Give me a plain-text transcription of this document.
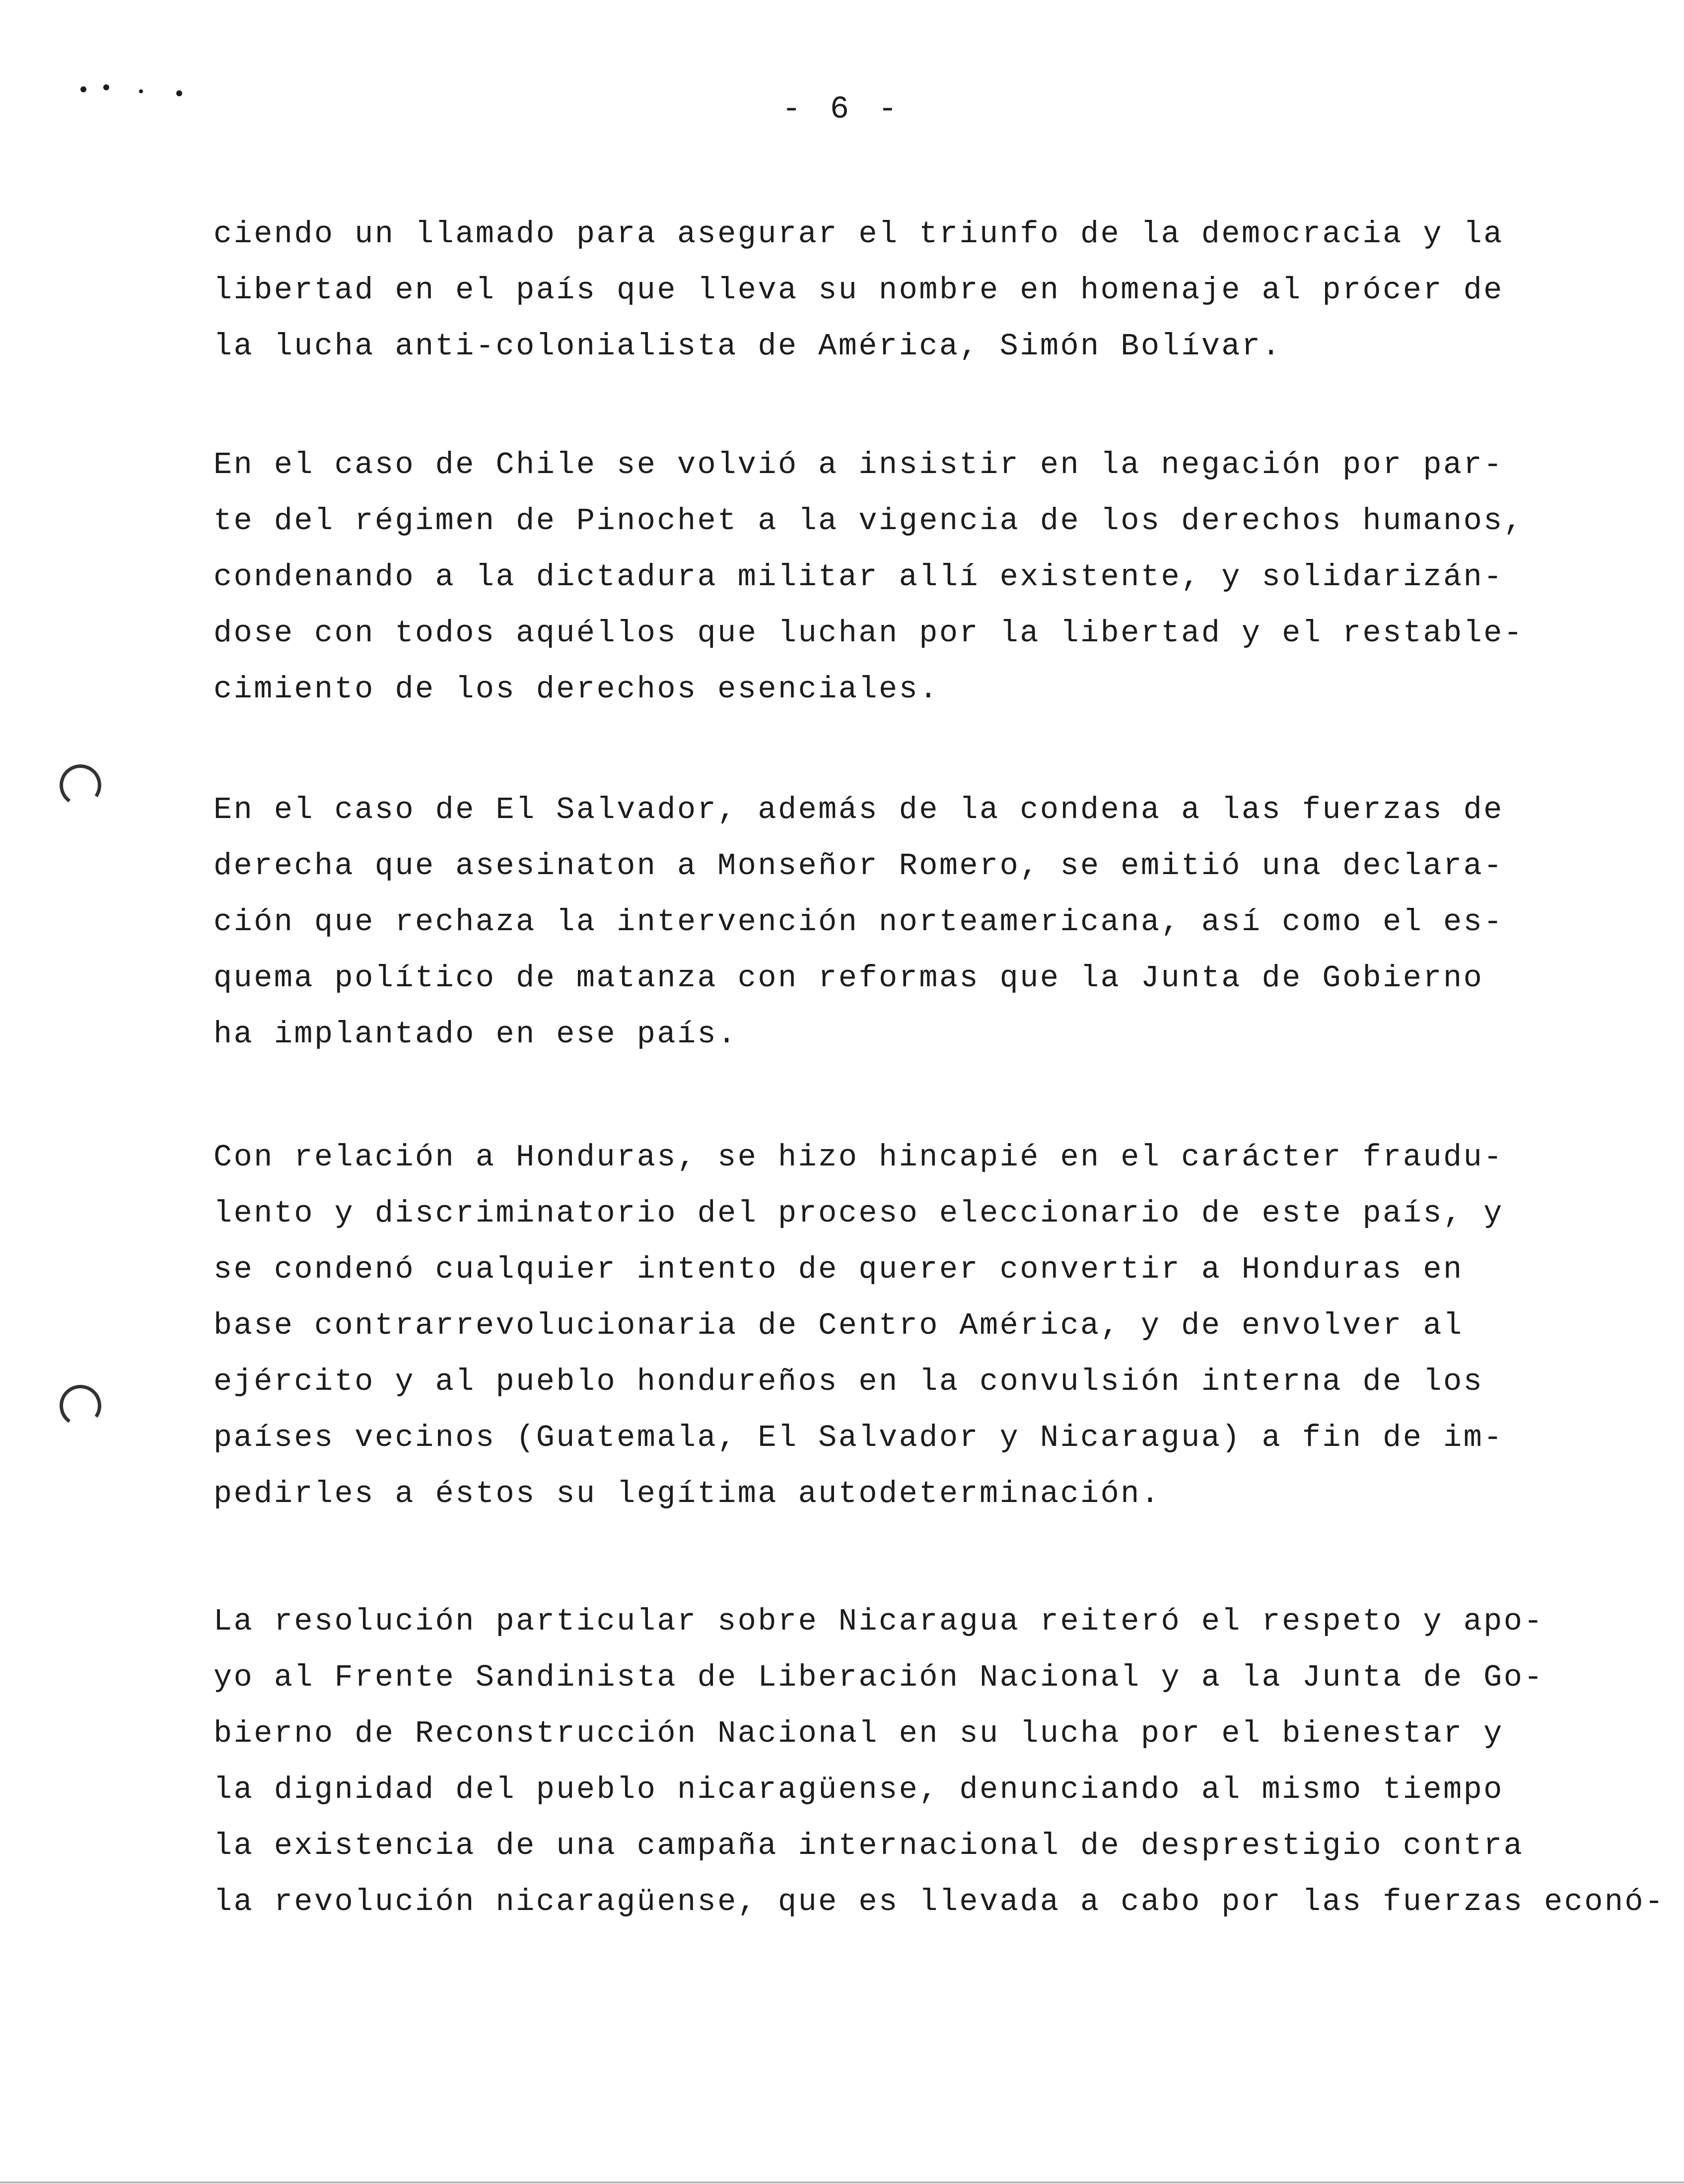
- 6 -
ciendo un llamado para asegurar el triunfo de la democracia y la
libertad en el país que lleva su nombre en homenaje al prócer de
la lucha anti-colonialista de América, Simón Bolívar.
En el caso de Chile se volvió a insistir en la negación por par-
te del régimen de Pinochet a la vigencia de los derechos humanos,
condenando a la dictadura militar allí existente, y solidarizán-
dose con todos aquéllos que luchan por la libertad y el restable-
cimiento de los derechos esenciales.
En el caso de El Salvador, además de la condena a las fuerzas de
derecha que asesinaton a Monseñor Romero, se emitió una declara-
ción que rechaza la intervención norteamericana, así como el es-
quema político de matanza con reformas que la Junta de Gobierno
ha implantado en ese país.
Con relación a Honduras, se hizo hincapié en el carácter fraudu-
lento y discriminatorio del proceso eleccionario de este país, y
se condenó cualquier intento de querer convertir a Honduras en
base contrarrevolucionaria de Centro América, y de envolver al
ejército y al pueblo hondureños en la convulsión interna de los
países vecinos (Guatemala, El Salvador y Nicaragua) a fin de im-
pedirles a éstos su legítima autodeterminación.
La resolución particular sobre Nicaragua reiteró el respeto y apo-
yo al Frente Sandinista de Liberación Nacional y a la Junta de Go-
bierno de Reconstrucción Nacional en su lucha por el bienestar y
la dignidad del pueblo nicaragüense, denunciando al mismo tiempo
la existencia de una campaña internacional de desprestigio contra
la revolución nicaragüense, que es llevada a cabo por las fuerzas econó-
